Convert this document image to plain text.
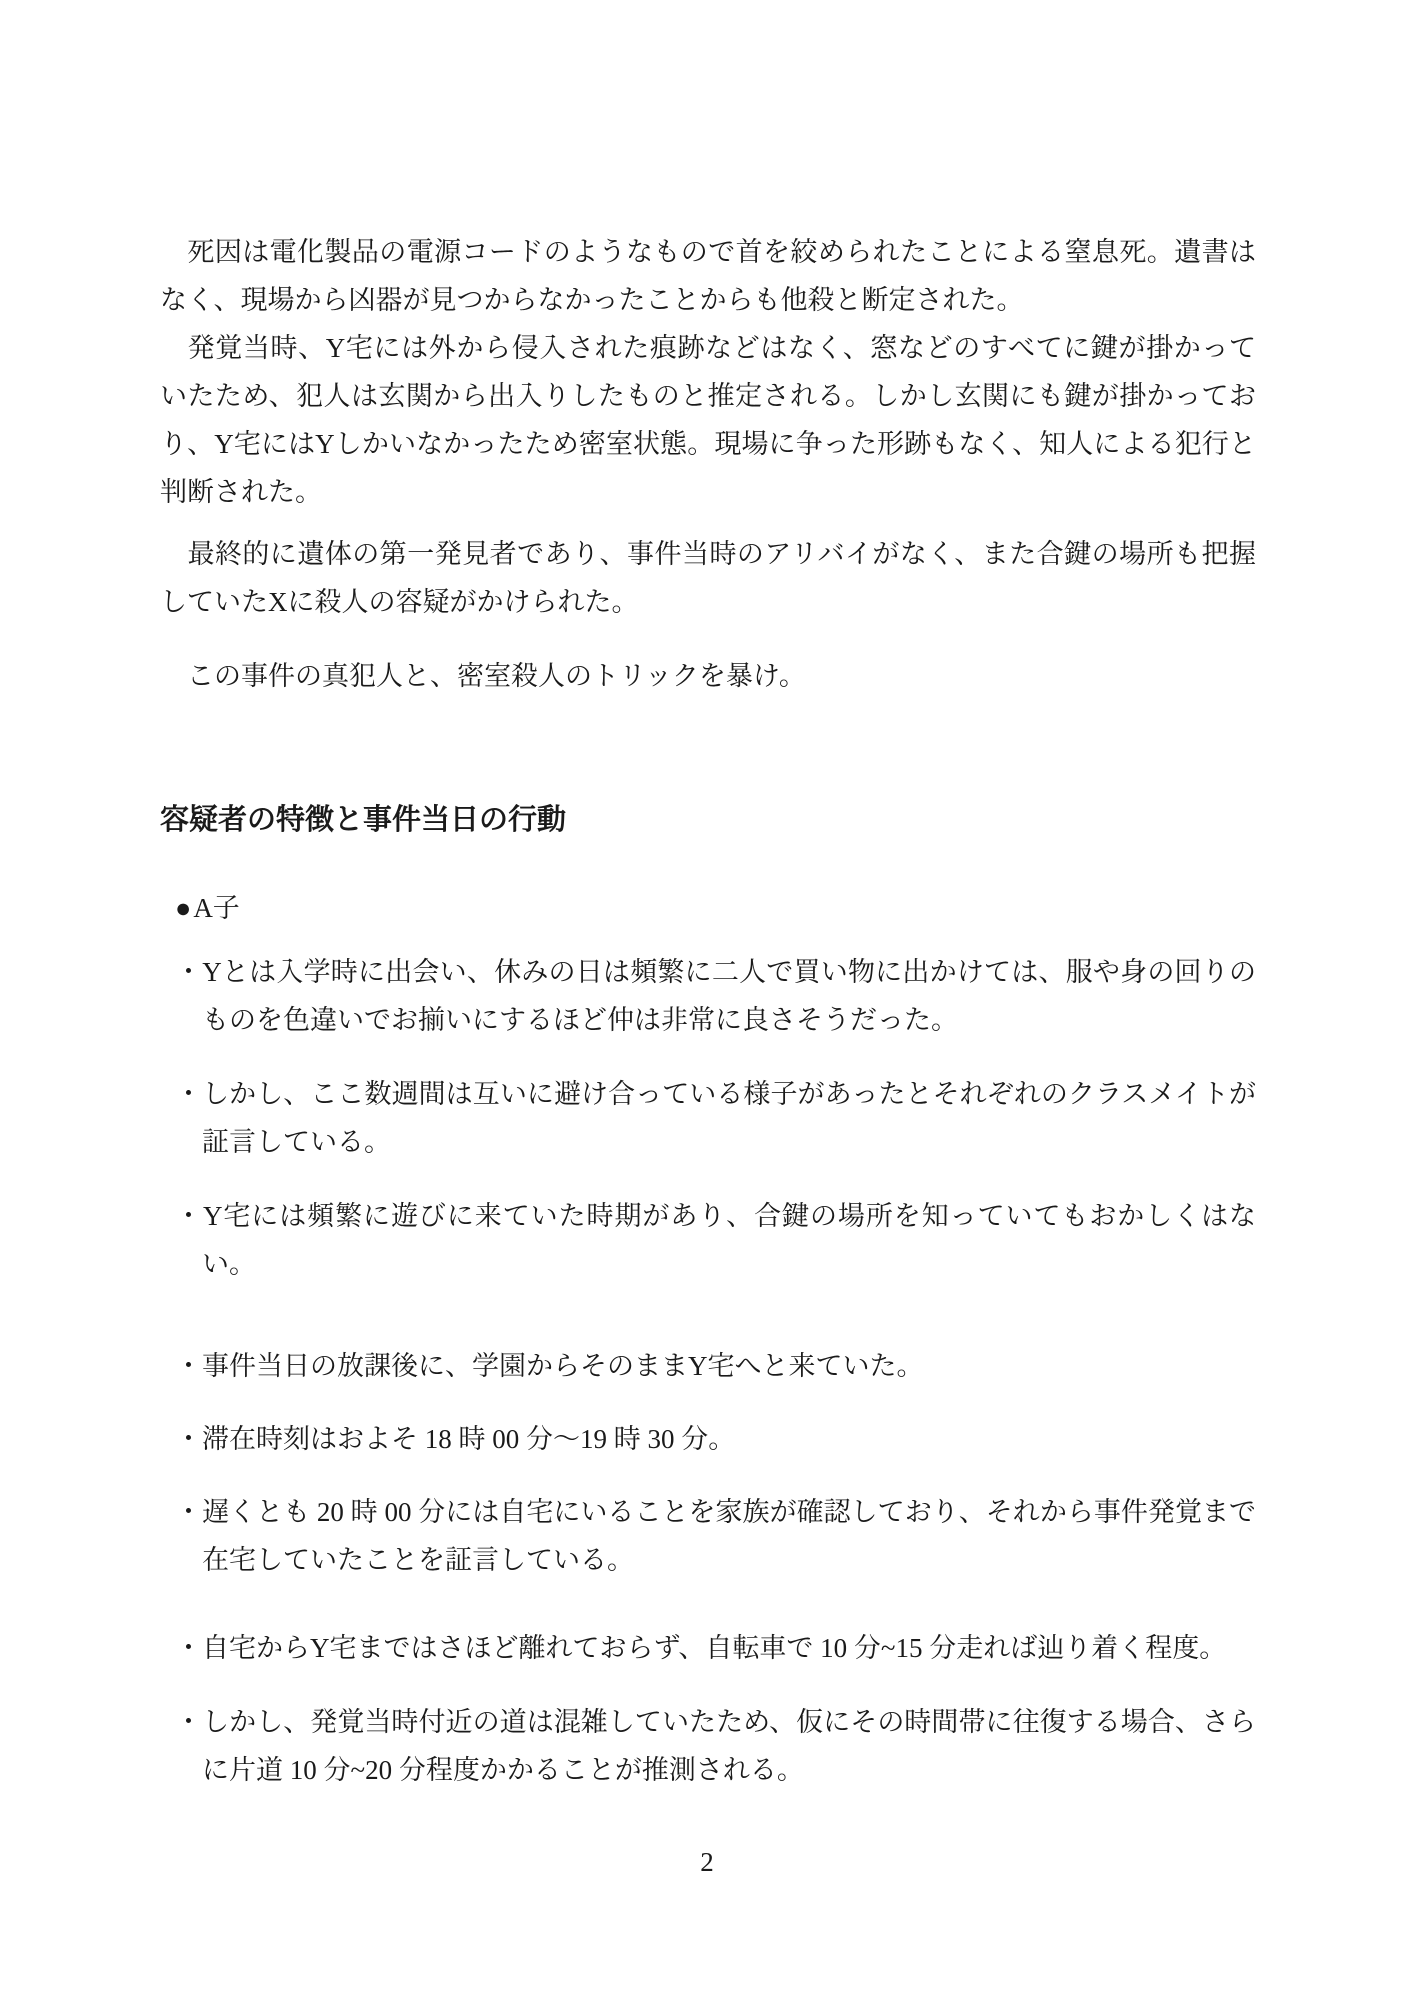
　死因は電化製品の電源コードのようなもので首を絞められたことによる窒息死。遺書はなく、現場から凶器が見つからなかったことからも他殺と断定された。

　発覚当時、Y宅には外から侵入された痕跡などはなく、窓などのすべてに鍵が掛かっていたため、犯人は玄関から出入りしたものと推定される。しかし玄関にも鍵が掛かっており、Y宅にはYしかいなかったため密室状態。現場に争った形跡もなく、知人による犯行と判断された。

　最終的に遺体の第一発見者であり、事件当時のアリバイがなく、また合鍵の場所も把握していたXに殺人の容疑がかけられた。

　この事件の真犯人と、密室殺人のトリックを暴け。

容疑者の特徴と事件当日の行動
●A子

・Yとは入学時に出会い、休みの日は頻繁に二人で買い物に出かけては、服や身の回りのものを色違いでお揃いにするほど仲は非常に良さそうだった。

・しかし、ここ数週間は互いに避け合っている様子があったとそれぞれのクラスメイトが証言している。

・Y宅には頻繁に遊びに来ていた時期があり、合鍵の場所を知っていてもおかしくはない。

・事件当日の放課後に、学園からそのままY宅へと来ていた。

・滞在時刻はおよそ 18 時 00 分～19 時 30 分。

・遅くとも 20 時 00 分には自宅にいることを家族が確認しており、それから事件発覚まで在宅していたことを証言している。

・自宅からY宅まではさほど離れておらず、自転車で 10 分~15 分走れば辿り着く程度。

・しかし、発覚当時付近の道は混雑していたため、仮にその時間帯に往復する場合、さらに片道 10 分~20 分程度かかることが推測される。

2
